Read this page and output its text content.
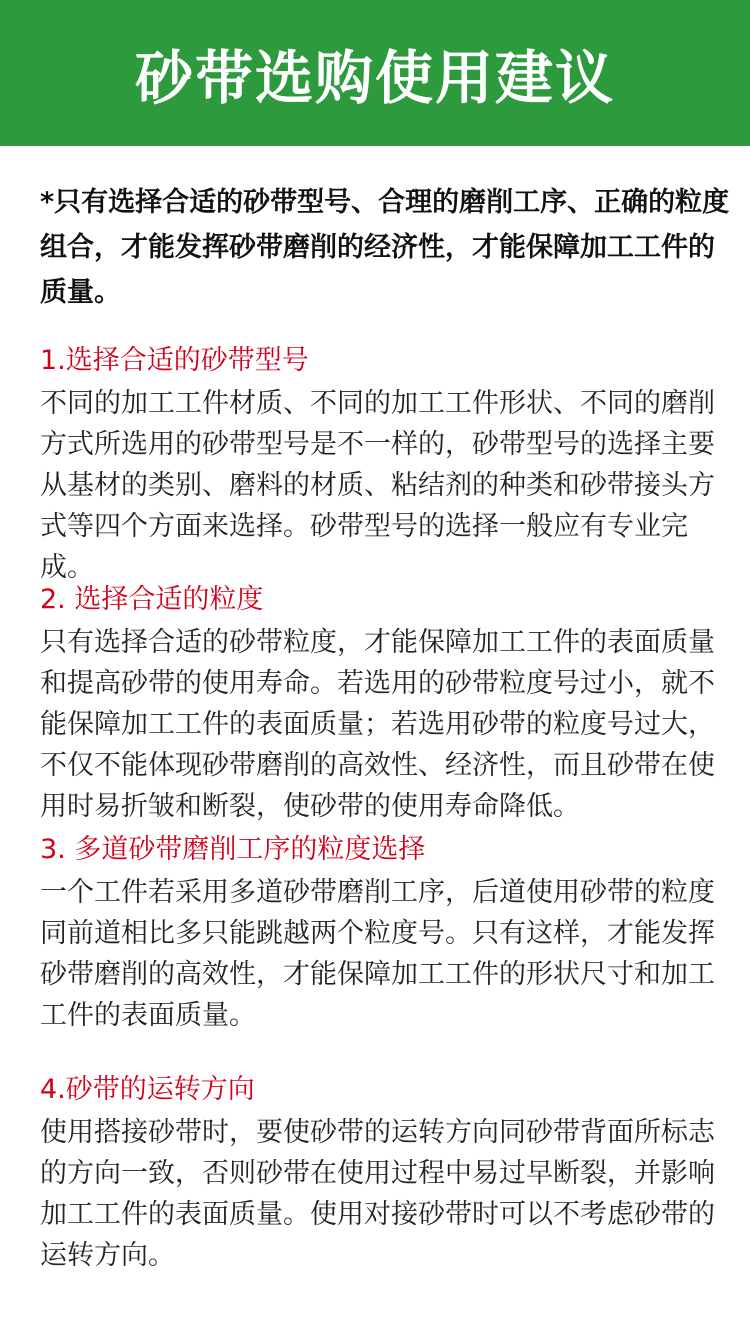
砂带选购使用建议
*只有选择合适的砂带型号、合理的磨削工序、正确的粒度组合，才能发挥砂带磨削的经济性，才能保障加工工件的质量。
1.选择合适的砂带型号

不同的加工工件材质、不同的加工工件形状、不同的磨削方式所选用的砂带型号是不一样的，砂带型号的选择主要从基材的类别、磨料的材质、粘结剂的种类和砂带接头方式等四个方面来选择。砂带型号的选择一般应有专业完成。

2. 选择合适的粒度

只有选择合适的砂带粒度，才能保障加工工件的表面质量和提高砂带的使用寿命。若选用的砂带粒度号过小，就不能保障加工工件的表面质量；若选用砂带的粒度号过大，不仅不能体现砂带磨削的高效性、经济性，而且砂带在使用时易折皱和断裂，使砂带的使用寿命降低。

3. 多道砂带磨削工序的粒度选择

一个工件若采用多道砂带磨削工序，后道使用砂带的粒度同前道相比多只能跳越两个粒度号。只有这样，才能发挥砂带磨削的高效性，才能保障加工工件的形状尺寸和加工工件的表面质量。

4.砂带的运转方向

使用搭接砂带时，要使砂带的运转方向同砂带背面所标志的方向一致，否则砂带在使用过程中易过早断裂，并影响加工工件的表面质量。使用对接砂带时可以不考虑砂带的运转方向。
